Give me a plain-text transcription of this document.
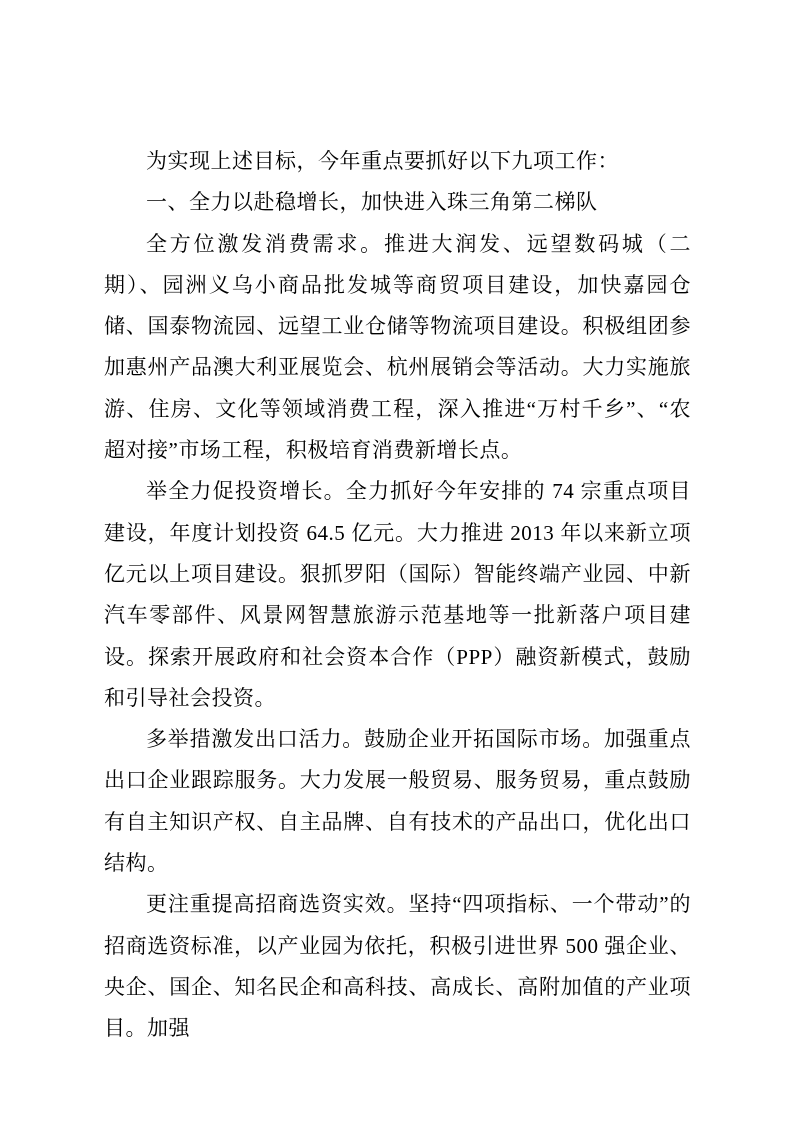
为实现上述目标，今年重点要抓好以下九项工作：

一、全力以赴稳增长，加快进入珠三角第二梯队

全方位激发消费需求。推进大润发、远望数码城（二期）、园洲义乌小商品批发城等商贸项目建设，加快嘉园仓储、国泰物流园、远望工业仓储等物流项目建设。积极组团参加惠州产品澳大利亚展览会、杭州展销会等活动。大力实施旅游、住房、文化等领域消费工程，深入推进“万村千乡”、“农超对接”市场工程，积极培育消费新增长点。

举全力促投资增长。全力抓好今年安排的 74 宗重点项目建设，年度计划投资 64.5 亿元。大力推进 2013 年以来新立项亿元以上项目建设。狠抓罗阳（国际）智能终端产业园、中新汽车零部件、风景网智慧旅游示范基地等一批新落户项目建设。探索开展政府和社会资本合作（PPP）融资新模式，鼓励和引导社会投资。

多举措激发出口活力。鼓励企业开拓国际市场。加强重点出口企业跟踪服务。大力发展一般贸易、服务贸易，重点鼓励有自主知识产权、自主品牌、自有技术的产品出口，优化出口结构。

更注重提高招商选资实效。坚持“四项指标、一个带动”的招商选资标准，以产业园为依托，积极引进世界 500 强企业、央企、国企、知名民企和高科技、高成长、高附加值的产业项目。加强
